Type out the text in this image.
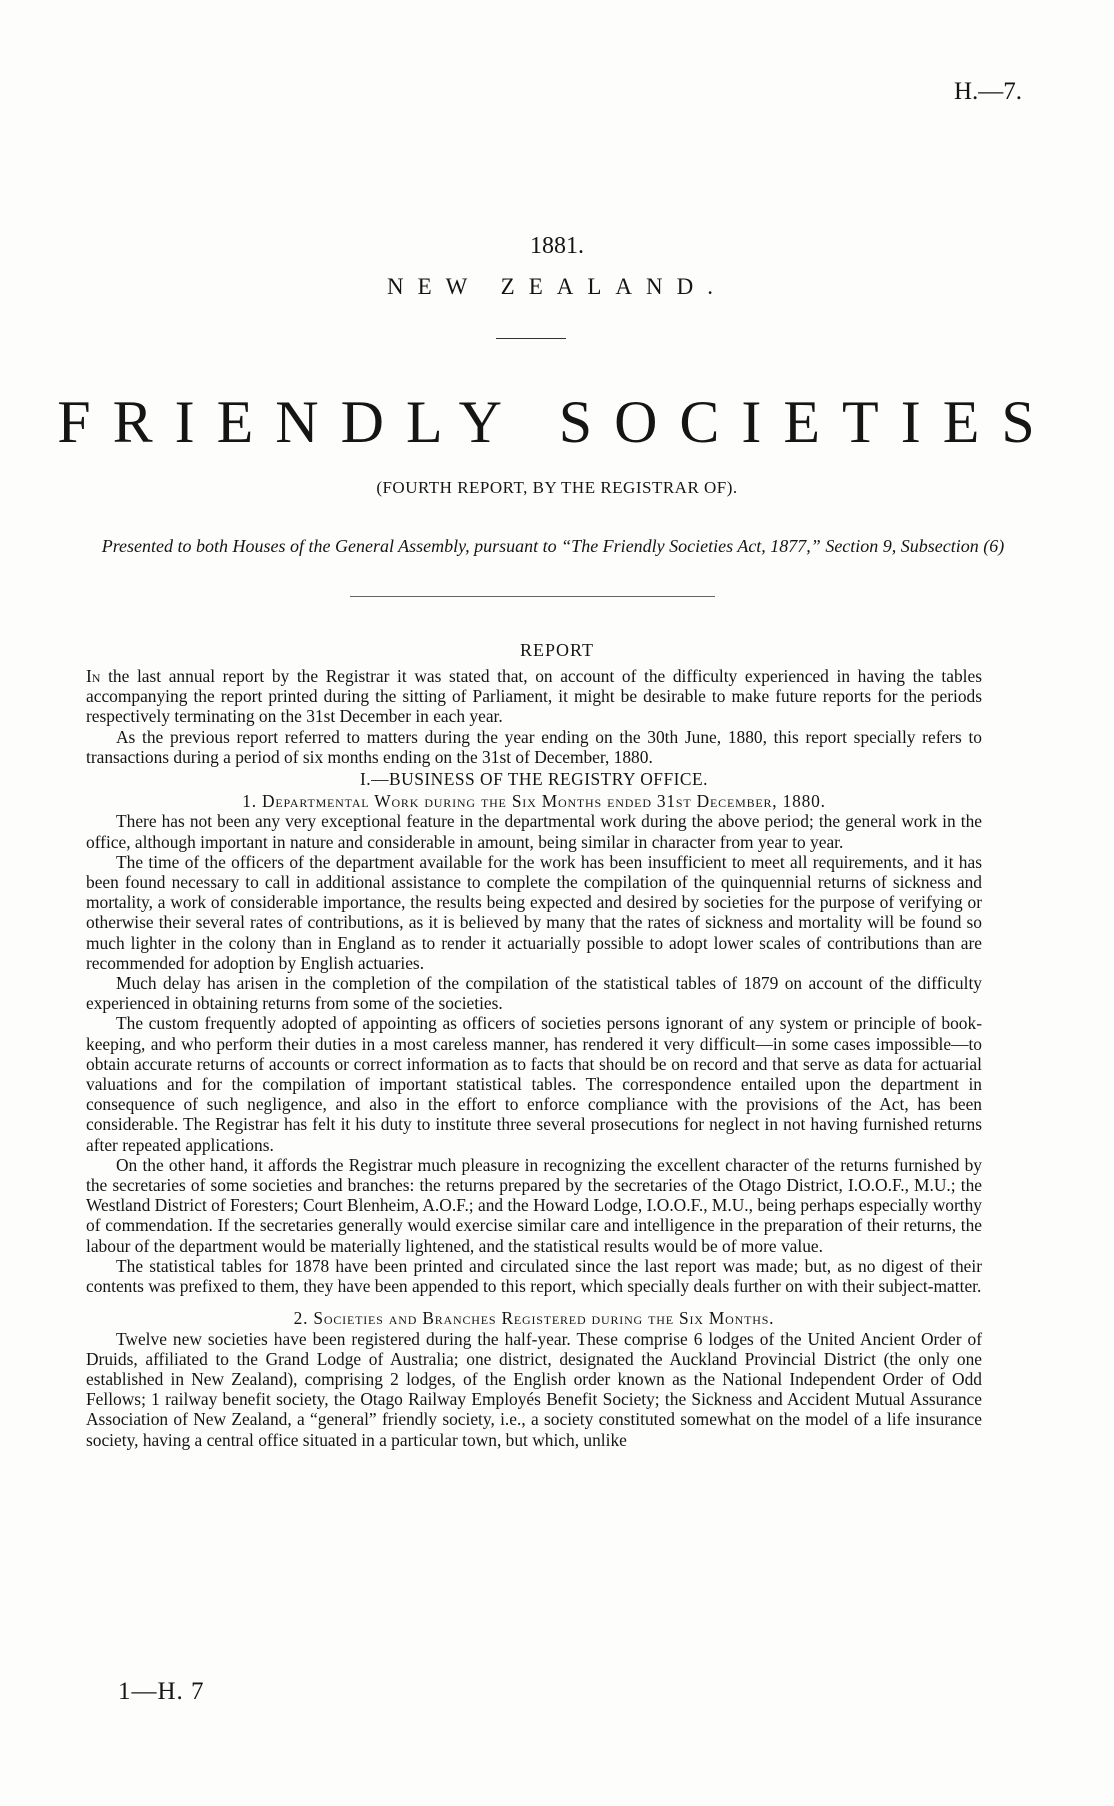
H.—7.
1881.
NEW ZEALAND.
FRIENDLY SOCIETIES
(FOURTH REPORT, BY THE REGISTRAR OF).
Presented to both Houses of the General Assembly, pursuant to “The Friendly Societies Act, 1877,” Section 9, Subsection (6)
REPORT

In the last annual report by the Registrar it was stated that, on account of the difficulty experienced in having the tables accompanying the report printed during the sitting of Parliament, it might be desirable to make future reports for the periods respectively terminating on the 31st December in each year.

As the previous report referred to matters during the year ending on the 30th June, 1880, this report specially refers to transactions during a period of six months ending on the 31st of December, 1880.

I.—BUSINESS OF THE REGISTRY OFFICE.
1. Departmental Work during the Six Months ended 31st December, 1880.

There has not been any very exceptional feature in the departmental work during the above period; the general work in the office, although important in nature and considerable in amount, being similar in character from year to year.

The time of the officers of the department available for the work has been insufficient to meet all requirements, and it has been found necessary to call in additional assistance to complete the compilation of the quinquennial returns of sickness and mortality, a work of considerable importance, the results being expected and desired by societies for the purpose of verifying or otherwise their several rates of contributions, as it is believed by many that the rates of sickness and mortality will be found so much lighter in the colony than in England as to render it actuarially possible to adopt lower scales of contributions than are recommended for adoption by English actuaries.

Much delay has arisen in the completion of the compilation of the statistical tables of 1879 on account of the difficulty experienced in obtaining returns from some of the societies.

The custom frequently adopted of appointing as officers of societies persons ignorant of any system or principle of book-keeping, and who perform their duties in a most careless manner, has rendered it very difficult—in some cases impossible—to obtain accurate returns of accounts or correct information as to facts that should be on record and that serve as data for actuarial valuations and for the compilation of important statistical tables. The correspondence entailed upon the department in consequence of such negligence, and also in the effort to enforce compliance with the provisions of the Act, has been considerable. The Registrar has felt it his duty to institute three several prosecutions for neglect in not having furnished returns after repeated applications.

On the other hand, it affords the Registrar much pleasure in recognizing the excellent character of the returns furnished by the secretaries of some societies and branches: the returns prepared by the secretaries of the Otago District, I.O.O.F., M.U.; the Westland District of Foresters; Court Blenheim, A.O.F.; and the Howard Lodge, I.O.O.F., M.U., being perhaps especially worthy of commendation. If the secretaries generally would exercise similar care and intelligence in the preparation of their returns, the labour of the department would be materially lightened, and the statistical results would be of more value.

The statistical tables for 1878 have been printed and circulated since the last report was made; but, as no digest of their contents was prefixed to them, they have been appended to this report, which specially deals further on with their subject-matter.

2. Societies and Branches Registered during the Six Months.

Twelve new societies have been registered during the half-year. These comprise 6 lodges of the United Ancient Order of Druids, affiliated to the Grand Lodge of Australia; one district, designated the Auckland Provincial District (the only one established in New Zealand), comprising 2 lodges, of the English order known as the National Independent Order of Odd Fellows; 1 railway benefit society, the Otago Railway Employés Benefit Society; the Sickness and Accident Mutual Assurance Association of New Zealand, a “general” friendly society, i.e., a society constituted somewhat on the model of a life insurance society, having a central office situated in a particular town, but which, unlike

1—H. 7
